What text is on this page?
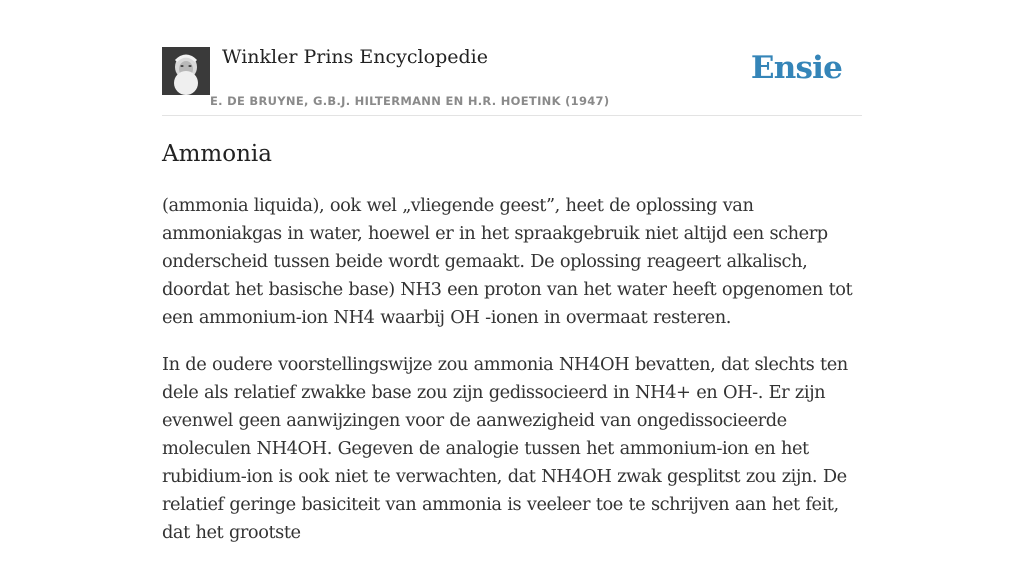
Winkler Prins Encyclopedie
E. DE BRUYNE, G.B.J. HILTERMANN EN H.R. HOETINK (1947)
Ensie
Ammonia

(ammonia liquida), ook wel „vliegende geest”, heet de oplossing van ammoniakgas in water, hoewel er in het spraakgebruik niet altijd een scherp onderscheid tussen beide wordt gemaakt. De oplossing reageert alkalisch, doordat het basische base) NH3 een proton van het water heeft opgenomen tot een ammonium-ion NH4 waarbij OH -ionen in overmaat resteren.

In de oudere voorstellingswijze zou ammonia NH4OH bevatten, dat slechts ten dele als relatief zwakke base zou zijn gedissocieerd in NH4+ en OH-. Er zijn evenwel geen aanwijzingen voor de aanwezigheid van ongedissocieerde moleculen NH4OH. Gegeven de analogie tussen het ammonium-ion en het rubidium-ion is ook niet te verwachten, dat NH4OH zwak gesplitst zou zijn. De relatief geringe basiciteit van ammonia is veeleer toe te schrijven aan het feit, dat het grootste
